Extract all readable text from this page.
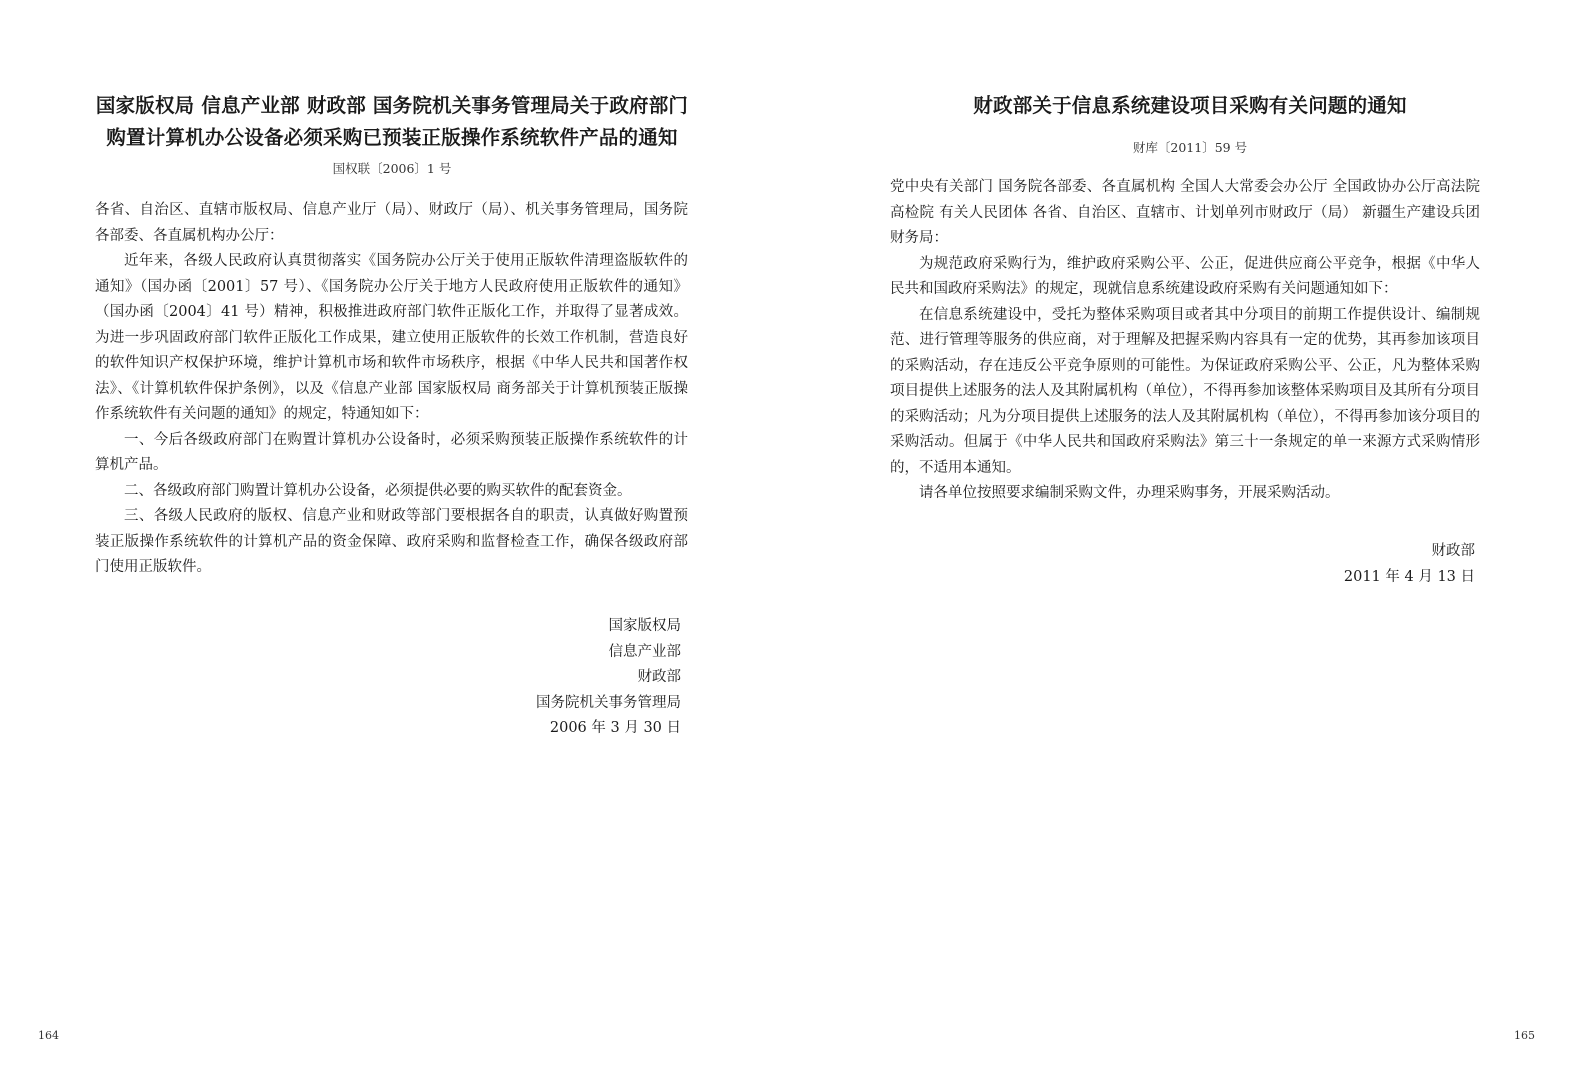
国家版权局 信息产业部 财政部 国务院机关事务管理局关于政府部门
购置计算机办公设备必须采购已预装正版操作系统软件产品的通知
国权联〔2006〕1 号

各省、自治区、直辖市版权局、信息产业厅（局）、财政厅（局）、机关事务管理局，国务院各部委、各直属机构办公厅：

近年来，各级人民政府认真贯彻落实《国务院办公厅关于使用正版软件清理盗版软件的通知》（国办函〔2001〕57 号）、《国务院办公厅关于地方人民政府使用正版软件的通知》（国办函〔2004〕41 号）精神，积极推进政府部门软件正版化工作，并取得了显著成效。为进一步巩固政府部门软件正版化工作成果，建立使用正版软件的长效工作机制，营造良好的软件知识产权保护环境，维护计算机市场和软件市场秩序，根据《中华人民共和国著作权法》、《计算机软件保护条例》，以及《信息产业部 国家版权局 商务部关于计算机预装正版操作系统软件有关问题的通知》的规定，特通知如下：

一、今后各级政府部门在购置计算机办公设备时，必须采购预装正版操作系统软件的计算机产品。

二、各级政府部门购置计算机办公设备，必须提供必要的购买软件的配套资金。

三、各级人民政府的版权、信息产业和财政等部门要根据各自的职责，认真做好购置预装正版操作系统软件的计算机产品的资金保障、政府采购和监督检查工作，确保各级政府部门使用正版软件。

国家版权局
信息产业部
财政部
国务院机关事务管理局
2006 年 3 月 30 日
164
财政部关于信息系统建设项目采购有关问题的通知
财库〔2011〕59 号

党中央有关部门 国务院各部委、各直属机构 全国人大常委会办公厅 全国政协办公厅高法院 高检院 有关人民团体 各省、自治区、直辖市、计划单列市财政厅（局） 新疆生产建设兵团财务局：

为规范政府采购行为，维护政府采购公平、公正，促进供应商公平竞争，根据《中华人民共和国政府采购法》的规定，现就信息系统建设政府采购有关问题通知如下：

在信息系统建设中，受托为整体采购项目或者其中分项目的前期工作提供设计、编制规范、进行管理等服务的供应商，对于理解及把握采购内容具有一定的优势，其再参加该项目的采购活动，存在违反公平竞争原则的可能性。为保证政府采购公平、公正，凡为整体采购项目提供上述服务的法人及其附属机构（单位），不得再参加该整体采购项目及其所有分项目的采购活动；凡为分项目提供上述服务的法人及其附属机构（单位），不得再参加该分项目的采购活动。但属于《中华人民共和国政府采购法》第三十一条规定的单一来源方式采购情形的，不适用本通知。

请各单位按照要求编制采购文件，办理采购事务，开展采购活动。

财政部
2011 年 4 月 13 日
165
